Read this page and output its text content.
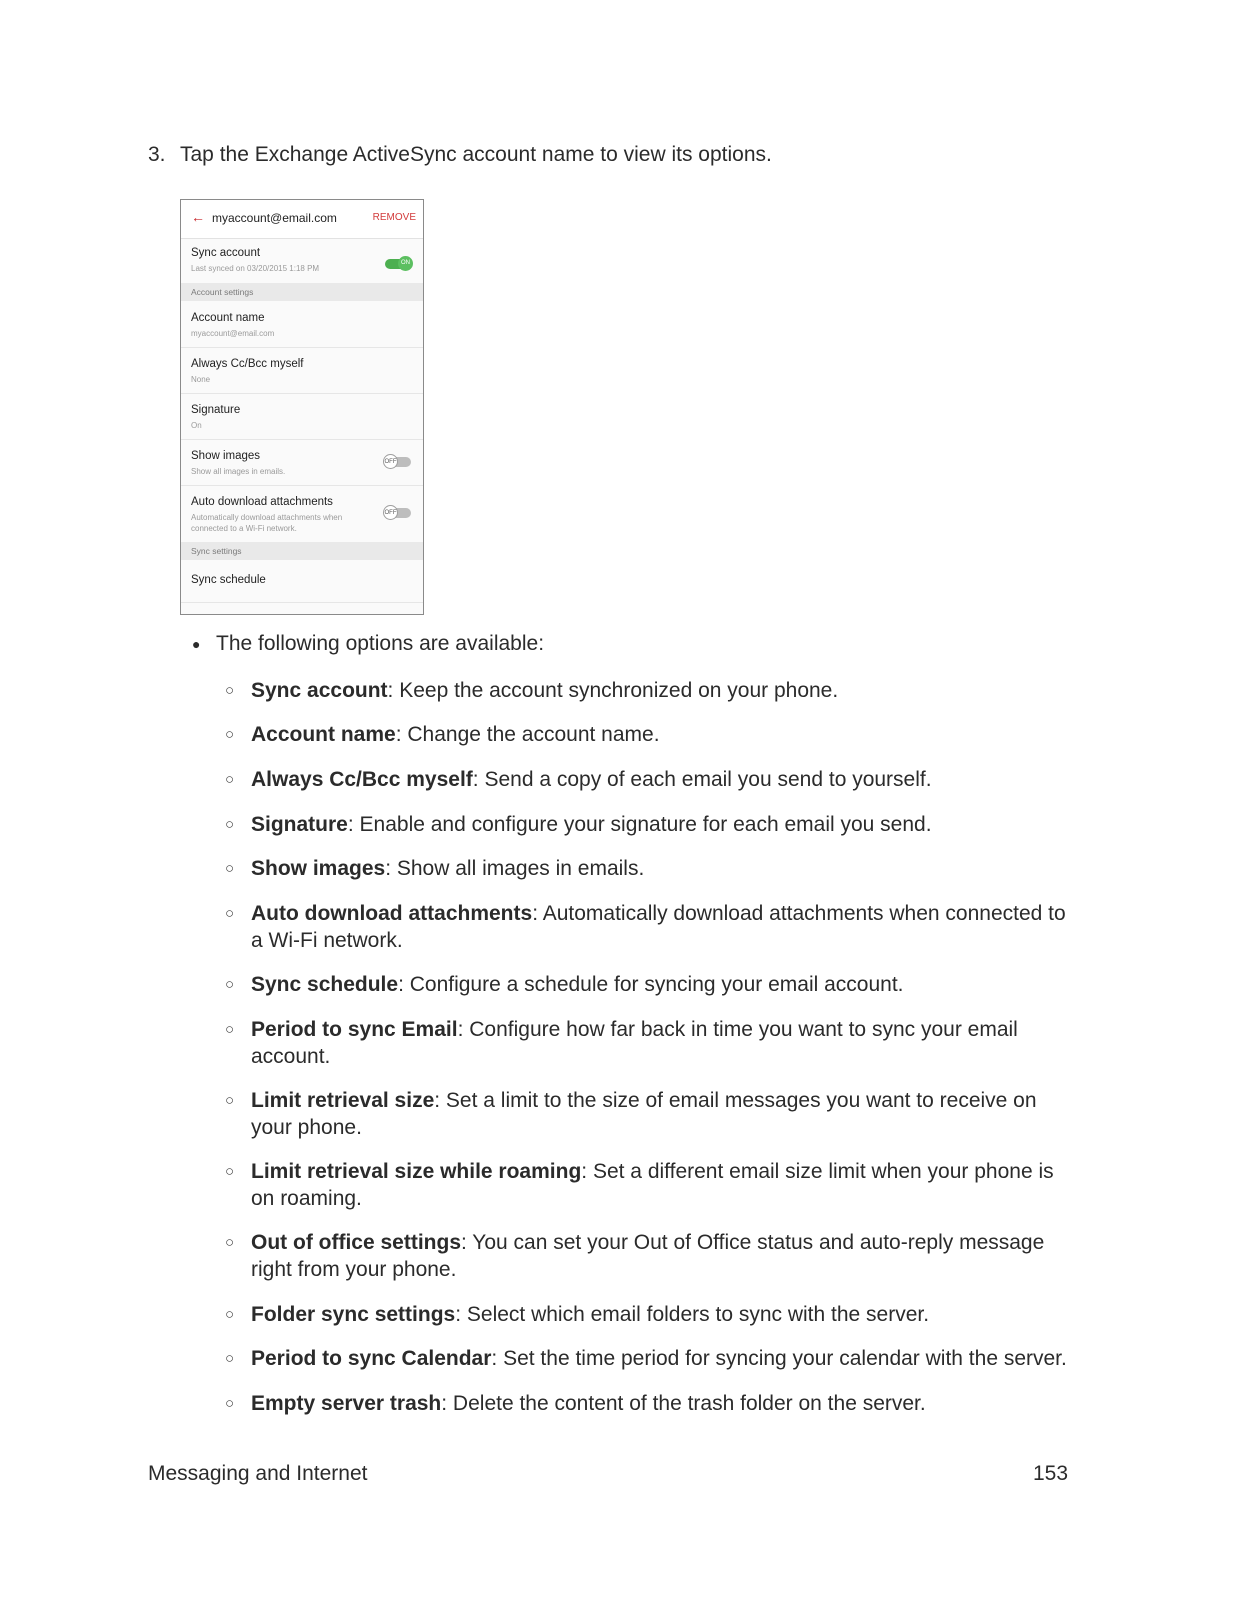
3. Tap the Exchange ActiveSync account name to view its options.
← myaccount@email.com	REMOVE
Sync account
Last synced on 03/20/2015 1:18 PM
ON
Account settings
Account name
myaccount@email.com
Always Cc/Bcc myself
None
Signature
On
Show images
Show all images in emails.
OFF
Auto download attachments
Automatically download attachments when connected to a Wi-Fi network.
OFF
Sync settings
Sync schedule
● The following options are available:
○ Sync account: Keep the account synchronized on your phone.
○ Account name: Change the account name.
○ Always Cc/Bcc myself: Send a copy of each email you send to yourself.
○ Signature: Enable and configure your signature for each email you send.
○ Show images: Show all images in emails.
○ Auto download attachments: Automatically download attachments when connected to a Wi-Fi network.
○ Sync schedule: Configure a schedule for syncing your email account.
○ Period to sync Email: Configure how far back in time you want to sync your email account.
○ Limit retrieval size: Set a limit to the size of email messages you want to receive on your phone.
○ Limit retrieval size while roaming: Set a different email size limit when your phone is on roaming.
○ Out of office settings: You can set your Out of Office status and auto-reply message right from your phone.
○ Folder sync settings: Select which email folders to sync with the server.
○ Period to sync Calendar: Set the time period for syncing your calendar with the server.
○ Empty server trash: Delete the content of the trash folder on the server.
Messaging and Internet	153
